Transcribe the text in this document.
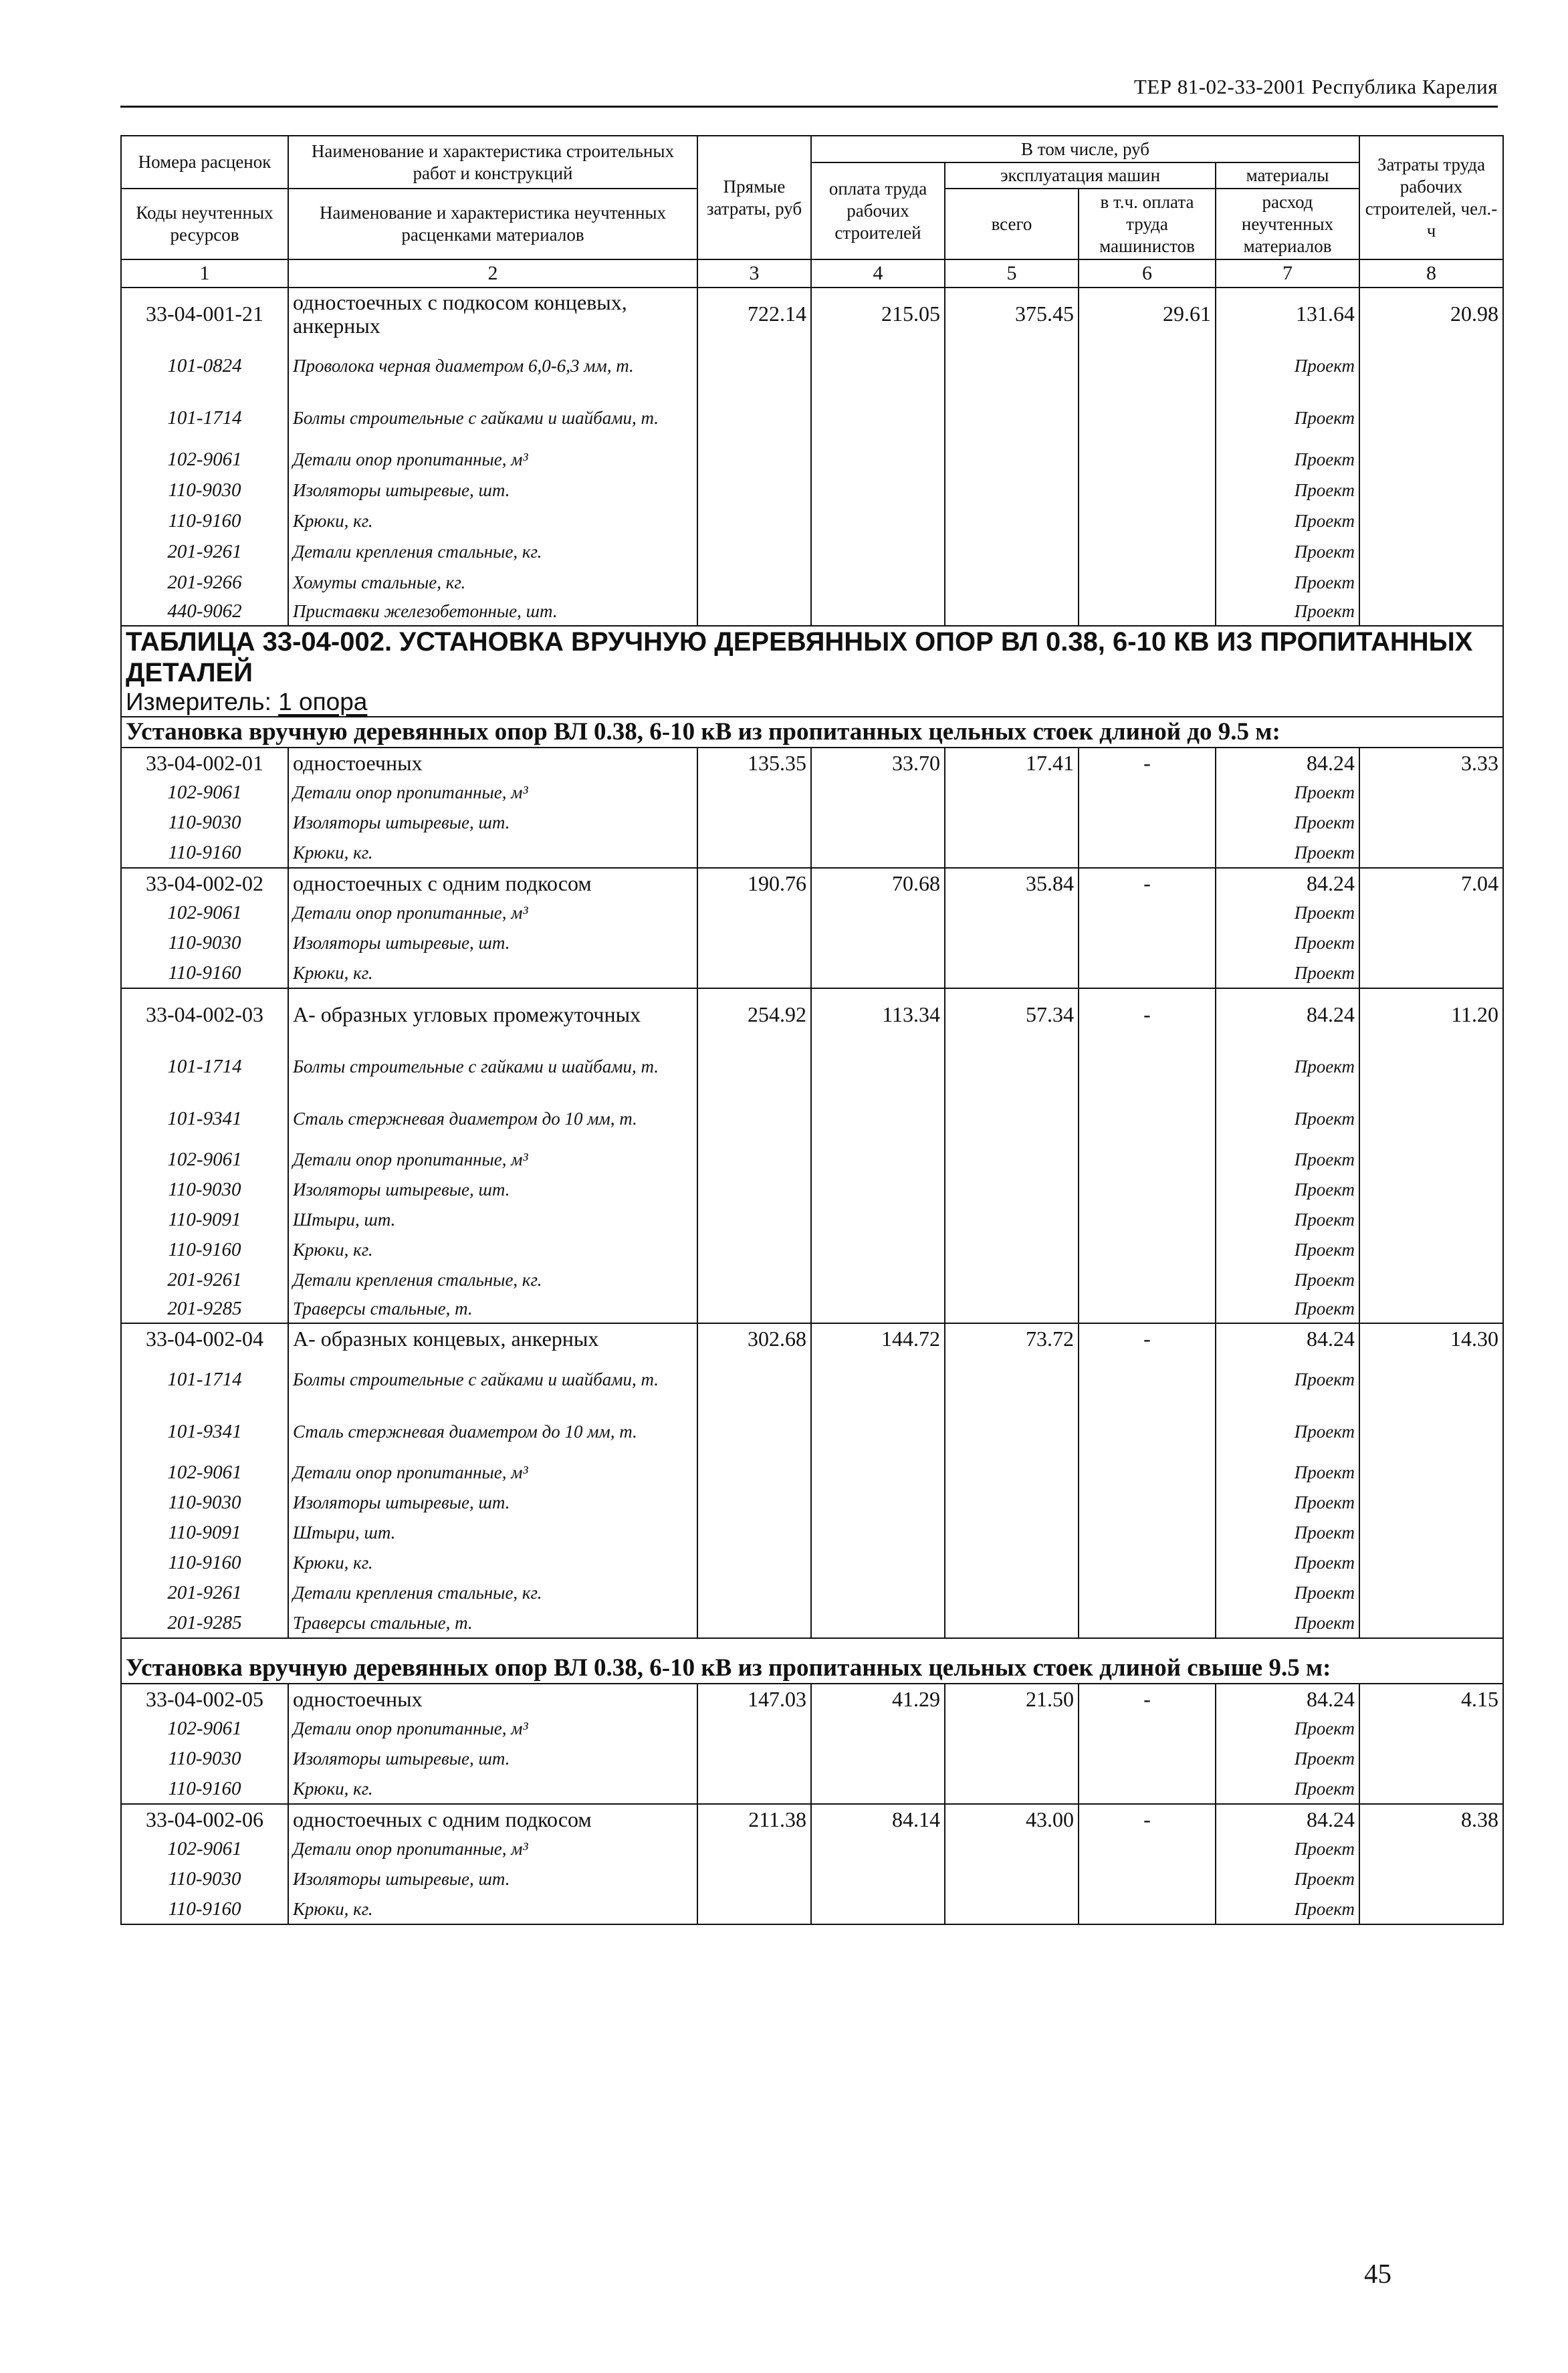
ТЕР 81-02-33-2001 Республика Карелия
Номера расценок	Наименование и характеристика строительных работ и конструкций	Прямые затраты, руб	В том числе, руб				Затраты труда рабочих строителей, чел.-ч
			оплата труда рабочих строителей	эксплуатация машин		материалы	
Коды неучтенных ресурсов	Наименование и характеристика неучтенных расценками материалов			всего	в т.ч. оплата труда машинистов	расход неучтенных материалов	

1	2	3	4	5	6	7	8
33-04-001-21	одностоечных с подкосом концевых, анкерных	722.14	215.05	375.45	29.61	131.64	20.98
101-0824	Проволока черная диаметром 6,0-6,3 мм, т.					Проект	
101-1714	Болты строительные с гайками и шайбами, т.					Проект	
102-9061	Детали опор пропитанные, м³					Проект	
110-9030	Изоляторы штыревые, шт.					Проект	
110-9160	Крюки, кг.					Проект	
201-9261	Детали крепления стальные, кг.					Проект	
201-9266	Хомуты стальные, кг.					Проект	
440-9062	Приставки железобетонные, шт.					Проект	
ТАБЛИЦА 33-04-002. УСТАНОВКА ВРУЧНУЮ ДЕРЕВЯННЫХ ОПОР ВЛ 0.38, 6-10 КВ ИЗ ПРОПИТАННЫХ ДЕТАЛЕЙ							
Измеритель: 1 опора							
Установка вручную деревянных опор ВЛ 0.38, 6-10 кВ из пропитанных цельных стоек длиной до 9.5 м:							
33-04-002-01	одностоечных	135.35	33.70	17.41	-	84.24	3.33
102-9061	Детали опор пропитанные, м³					Проект	
110-9030	Изоляторы штыревые, шт.					Проект	
110-9160	Крюки, кг.					Проект	
33-04-002-02	одностоечных с одним подкосом	190.76	70.68	35.84	-	84.24	7.04
102-9061	Детали опор пропитанные, м³					Проект	
110-9030	Изоляторы штыревые, шт.					Проект	
110-9160	Крюки, кг.					Проект	
33-04-002-03	А- образных угловых промежуточных	254.92	113.34	57.34	-	84.24	11.20
101-1714	Болты строительные с гайками и шайбами, т.					Проект	
101-9341	Сталь стержневая диаметром до 10 мм, т.					Проект	
102-9061	Детали опор пропитанные, м³					Проект	
110-9030	Изоляторы штыревые, шт.					Проект	
110-9091	Штыри, шт.					Проект	
110-9160	Крюки, кг.					Проект	
201-9261	Детали крепления стальные, кг.					Проект	
201-9285	Траверсы стальные, т.					Проект	
33-04-002-04	А- образных концевых, анкерных	302.68	144.72	73.72	-	84.24	14.30
101-1714	Болты строительные с гайками и шайбами, т.					Проект	
101-9341	Сталь стержневая диаметром до 10 мм, т.					Проект	
102-9061	Детали опор пропитанные, м³					Проект	
110-9030	Изоляторы штыревые, шт.					Проект	
110-9091	Штыри, шт.					Проект	
110-9160	Крюки, кг.					Проект	
201-9261	Детали крепления стальные, кг.					Проект	
201-9285	Траверсы стальные, т.					Проект	
Установка вручную деревянных опор ВЛ 0.38, 6-10 кВ из пропитанных цельных стоек длиной свыше 9.5 м:							
33-04-002-05	одностоечных	147.03	41.29	21.50	-	84.24	4.15
102-9061	Детали опор пропитанные, м³					Проект	
110-9030	Изоляторы штыревые, шт.					Проект	
110-9160	Крюки, кг.					Проект	
33-04-002-06	одностоечных с одним подкосом	211.38	84.14	43.00	-	84.24	8.38
102-9061	Детали опор пропитанные, м³					Проект	
110-9030	Изоляторы штыревые, шт.					Проект	
110-9160	Крюки, кг.					Проект	
45
